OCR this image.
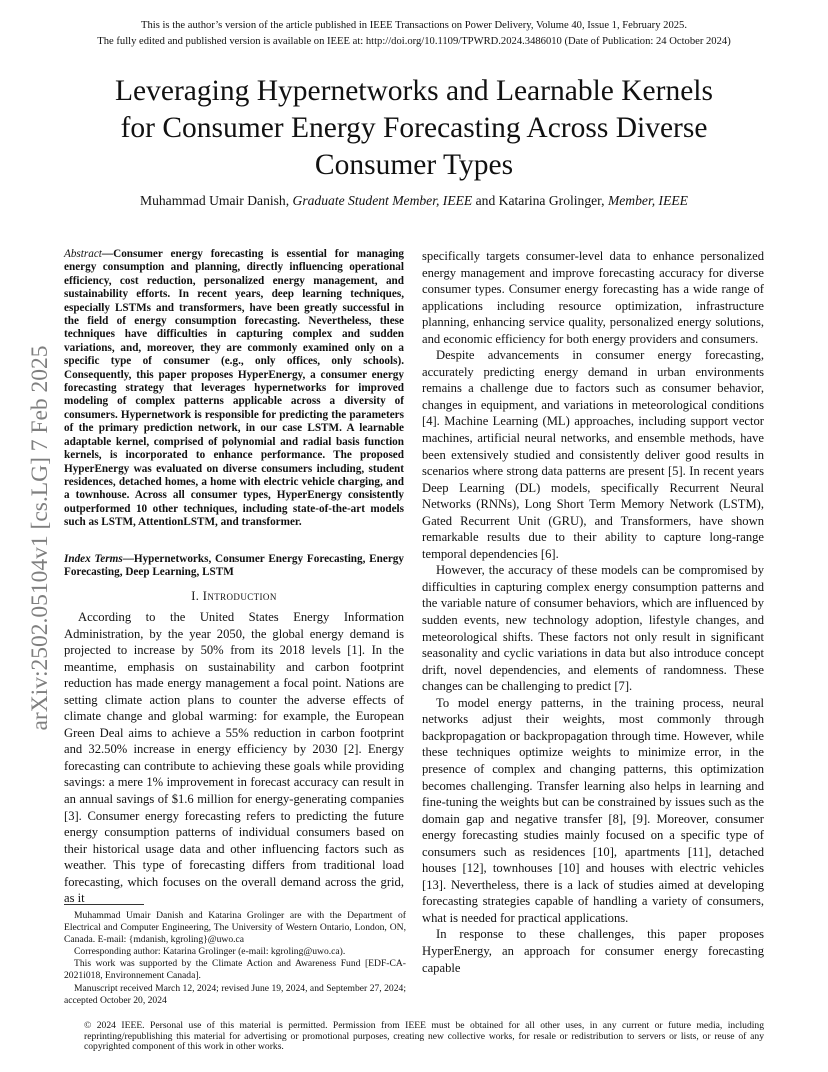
This is the author’s version of the article published in IEEE Transactions on Power Delivery, Volume 40, Issue 1, February 2025.
The fully edited and published version is available on IEEE at: http://doi.org/10.1109/TPWRD.2024.3486010 (Date of Publication: 24 October 2024)
Leveraging Hypernetworks and Learnable Kernels
for Consumer Energy Forecasting Across Diverse
Consumer Types
Muhammad Umair Danish, Graduate Student Member, IEEE and Katarina Grolinger, Member, IEEE
arXiv:2502.05104v1 [cs.LG] 7 Feb 2025
Abstract—Consumer energy forecasting is essential for managing energy consumption and planning, directly influencing operational efficiency, cost reduction, personalized energy management, and sustainability efforts. In recent years, deep learning techniques, especially LSTMs and transformers, have been greatly successful in the field of energy consumption forecasting. Nevertheless, these techniques have difficulties in capturing complex and sudden variations, and, moreover, they are commonly examined only on a specific type of consumer (e.g., only offices, only schools). Consequently, this paper proposes HyperEnergy, a consumer energy forecasting strategy that leverages hypernetworks for improved modeling of complex patterns applicable across a diversity of consumers. Hypernetwork is responsible for predicting the parameters of the primary prediction network, in our case LSTM. A learnable adaptable kernel, comprised of polynomial and radial basis function kernels, is incorporated to enhance performance. The proposed HyperEnergy was evaluated on diverse consumers including, student residences, detached homes, a home with electric vehicle charging, and a townhouse. Across all consumer types, HyperEnergy consistently outperformed 10 other techniques, including state-of-the-art models such as LSTM, AttentionLSTM, and transformer.
Index Terms—Hypernetworks, Consumer Energy Forecasting, Energy Forecasting, Deep Learning, LSTM
I. Introduction

According to the United States Energy Information Administration, by the year 2050, the global energy demand is projected to increase by 50% from its 2018 levels [1]. In the meantime, emphasis on sustainability and carbon footprint reduction has made energy management a focal point. Nations are setting climate action plans to counter the adverse effects of climate change and global warming: for example, the European Green Deal aims to achieve a 55% reduction in carbon footprint and 32.50% increase in energy efficiency by 2030 [2]. Energy forecasting can contribute to achieving these goals while providing savings: a mere 1% improvement in forecast accuracy can result in an annual savings of $1.6 million for energy-generating companies [3]. Consumer energy forecasting refers to predicting the future energy consumption patterns of individual consumers based on their historical usage data and other influencing factors such as weather. This type of forecasting differs from traditional load forecasting, which focuses on the overall demand across the grid, as it

Muhammad Umair Danish and Katarina Grolinger are with the Department of Electrical and Computer Engineering, The University of Western Ontario, London, ON, Canada. E-mail: {mdanish, kgroling}@uwo.ca
Corresponding author: Katarina Grolinger (e-mail: kgroling@uwo.ca).
This work was supported by the Climate Action and Awareness Fund [EDF-CA-2021i018, Environnement Canada].
Manuscript received March 12, 2024; revised June 19, 2024, and September 27, 2024; accepted October 20, 2024

specifically targets consumer-level data to enhance personalized energy management and improve forecasting accuracy for diverse consumer types. Consumer energy forecasting has a wide range of applications including resource optimization, infrastructure planning, enhancing service quality, personalized energy solutions, and economic efficiency for both energy providers and consumers.

Despite advancements in consumer energy forecasting, accurately predicting energy demand in urban environments remains a challenge due to factors such as consumer behavior, changes in equipment, and variations in meteorological conditions [4]. Machine Learning (ML) approaches, including support vector machines, artificial neural networks, and ensemble methods, have been extensively studied and consistently deliver good results in scenarios where strong data patterns are present [5]. In recent years Deep Learning (DL) models, specifically Recurrent Neural Networks (RNNs), Long Short Term Memory Network (LSTM), Gated Recurrent Unit (GRU), and Transformers, have shown remarkable results due to their ability to capture long-range temporal dependencies [6].

However, the accuracy of these models can be compromised by difficulties in capturing complex energy consumption patterns and the variable nature of consumer behaviors, which are influenced by sudden events, new technology adoption, lifestyle changes, and meteorological shifts. These factors not only result in significant seasonality and cyclic variations in data but also introduce concept drift, novel dependencies, and elements of randomness. These changes can be challenging to predict [7].

To model energy patterns, in the training process, neural networks adjust their weights, most commonly through backpropagation or backpropagation through time. However, while these techniques optimize weights to minimize error, in the presence of complex and changing patterns, this optimization becomes challenging. Transfer learning also helps in learning and fine-tuning the weights but can be constrained by issues such as the domain gap and negative transfer [8], [9]. Moreover, consumer energy forecasting studies mainly focused on a specific type of consumers such as residences [10], apartments [11], detached houses [12], townhouses [10] and houses with electric vehicles [13]. Nevertheless, there is a lack of studies aimed at developing forecasting strategies capable of handling a variety of consumers, what is needed for practical applications.

In response to these challenges, this paper proposes HyperEnergy, an approach for consumer energy forecasting capable

© 2024 IEEE. Personal use of this material is permitted. Permission from IEEE must be obtained for all other uses, in any current or future media, including reprinting/republishing this material for advertising or promotional purposes, creating new collective works, for resale or redistribution to servers or lists, or reuse of any copyrighted component of this work in other works.
